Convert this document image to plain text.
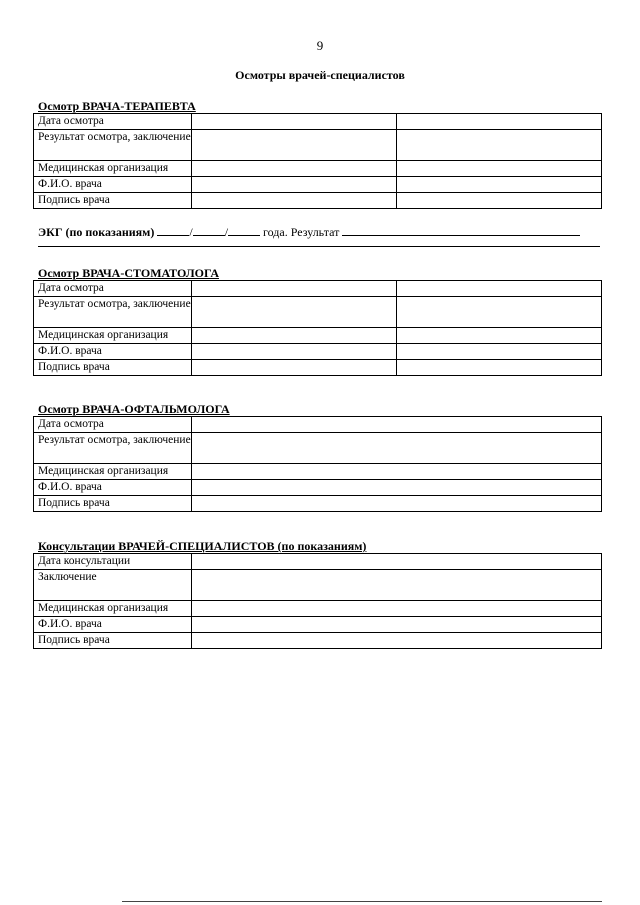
9
Осмотры врачей-специалистов
Осмотр ВРАЧА-ТЕРАПЕВТА
Дата осмотра		
Результат осмотра, заключение		
Медицинская организация		
Ф.И.О. врача		
Подпись врача		
ЭКГ (по показаниям)	/	/	года. Результат
Осмотр ВРАЧА-СТОМАТОЛОГА
Дата осмотра		
Результат осмотра, заключение		
Медицинская организация		
Ф.И.О. врача		
Подпись врача		
Осмотр ВРАЧА-ОФТАЛЬМОЛОГА
Дата осмотра	
Результат осмотра, заключение	
Медицинская организация	
Ф.И.О. врача	
Подпись врача	
Консультации ВРАЧЕЙ-СПЕЦИАЛИСТОВ (по показаниям)
Дата консультации	
Заключение	
Медицинская организация	
Ф.И.О. врача	
Подпись врача	
